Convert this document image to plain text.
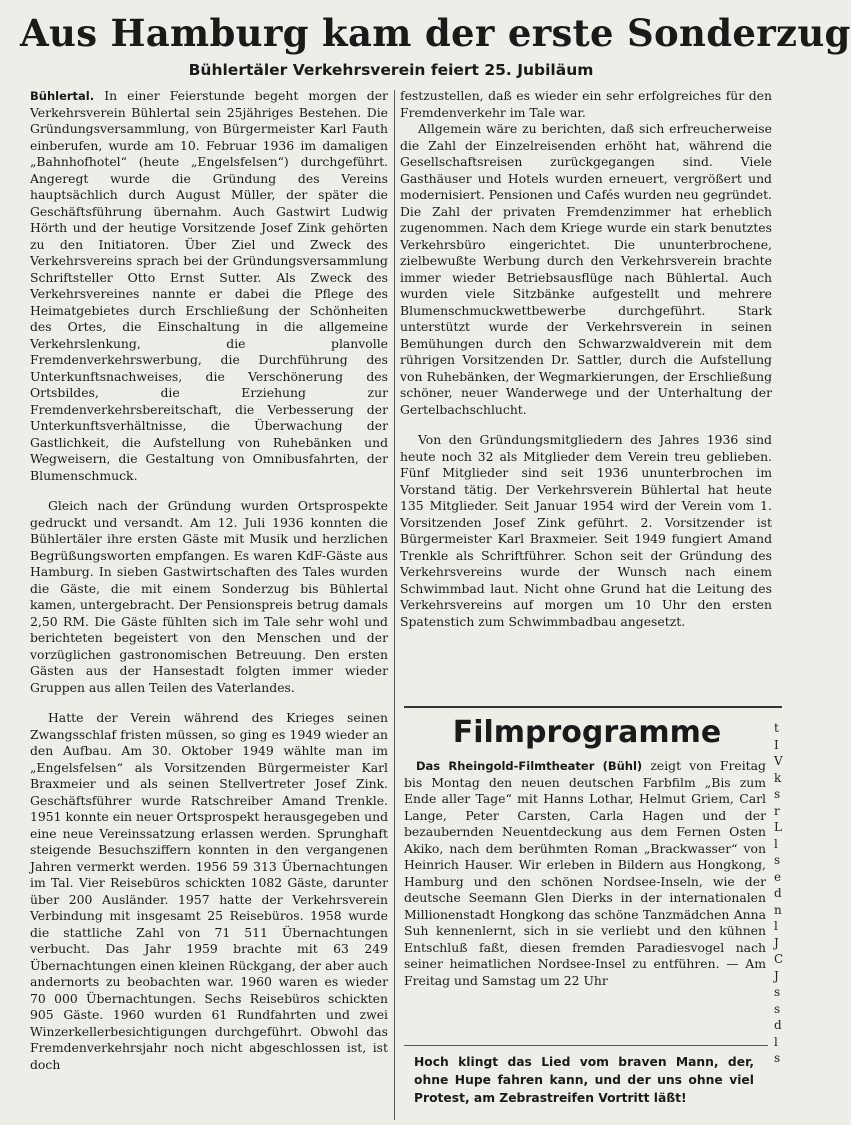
Aus Hamburg kam der erste Sonderzug
Bühlertäler Verkehrsverein feiert 25. Jubiläum

Bühlertal. In einer Feierstunde begeht morgen der Verkehrsverein Bühlertal sein 25jähriges Bestehen. Die Gründungsversammlung, von Bürgermeister Karl Fauth einberufen, wurde am 10. Februar 1936 im damaligen „Bahnhofhotel“ (heute „Engelsfelsen“) durchgeführt. Angeregt wurde die Gründung des Vereins hauptsächlich durch August Müller, der später die Geschäftsführung übernahm. Auch Gastwirt Ludwig Hörth und der heutige Vorsitzende Josef Zink gehörten zu den Initiatoren. Über Ziel und Zweck des Verkehrsvereins sprach bei der Gründungsversammlung Schriftsteller Otto Ernst Sutter. Als Zweck des Verkehrsvereines nannte er dabei die Pflege des Heimatgebietes durch Erschließung der Schönheiten des Ortes, die Einschaltung in die allgemeine Verkehrslenkung, die planvolle Fremdenverkehrswerbung, die Durchführung des Unterkunftsnachweises, die Verschönerung des Ortsbildes, die Erziehung zur Fremdenverkehrsbereitschaft, die Verbesserung der Unterkunftsverhältnisse, die Überwachung der Gastlichkeit, die Aufstellung von Ruhebänken und Wegweisern, die Gestaltung von Omnibusfahrten, der Blumenschmuck.

Gleich nach der Gründung wurden Ortsprospekte gedruckt und versandt. Am 12. Juli 1936 konnten die Bühlertäler ihre ersten Gäste mit Musik und herzlichen Begrüßungsworten empfangen. Es waren KdF-Gäste aus Hamburg. In sieben Gastwirtschaften des Tales wurden die Gäste, die mit einem Sonderzug bis Bühlertal kamen, untergebracht. Der Pensionspreis betrug damals 2,50 RM. Die Gäste fühlten sich im Tale sehr wohl und berichteten begeistert von den Menschen und der vorzüglichen gastronomischen Betreuung. Den ersten Gästen aus der Hansestadt folgten immer wieder Gruppen aus allen Teilen des Vaterlandes.

Hatte der Verein während des Krieges seinen Zwangsschlaf fristen müssen, so ging es 1949 wieder an den Aufbau. Am 30. Oktober 1949 wählte man im „Engelsfelsen“ als Vorsitzenden Bürgermeister Karl Braxmeier und als seinen Stellvertreter Josef Zink. Geschäftsführer wurde Ratschreiber Amand Trenkle. 1951 konnte ein neuer Ortsprospekt herausgegeben und eine neue Vereinssatzung erlassen werden. Sprunghaft steigende Besuchsziffern konnten in den vergangenen Jahren vermerkt werden. 1956 59 313 Übernachtungen im Tal. Vier Reisebüros schickten 1082 Gäste, darunter über 200 Ausländer. 1957 hatte der Verkehrsverein Verbindung mit insgesamt 25 Reisebüros. 1958 wurde die stattliche Zahl von 71 511 Übernachtungen verbucht. Das Jahr 1959 brachte mit 63 249 Übernachtungen einen kleinen Rückgang, der aber auch andernorts zu beobachten war. 1960 waren es wieder 70 000 Übernachtungen. Sechs Reisebüros schickten 905 Gäste. 1960 wurden 61 Rundfahrten und zwei Winzerkellerbesichtigungen durchgeführt. Obwohl das Fremdenverkehrsjahr noch nicht abgeschlossen ist, ist doch

festzustellen, daß es wieder ein sehr erfolgreiches für den Fremdenverkehr im Tale war.

Allgemein wäre zu berichten, daß sich erfreucherweise die Zahl der Einzelreisenden erhöht hat, während die Gesellschaftsreisen zurückgegangen sind. Viele Gasthäuser und Hotels wurden erneuert, vergrößert und modernisiert. Pensionen und Cafés wurden neu gegründet. Die Zahl der privaten Fremdenzimmer hat erheblich zugenommen. Nach dem Kriege wurde ein stark benutztes Verkehrsbüro eingerichtet. Die ununterbrochene, zielbewußte Werbung durch den Verkehrsverein brachte immer wieder Betriebsausflüge nach Bühlertal. Auch wurden viele Sitzbänke aufgestellt und mehrere Blumenschmuckwettbewerbe durchgeführt. Stark unterstützt wurde der Verkehrsverein in seinen Bemühungen durch den Schwarzwaldverein mit dem rührigen Vorsitzenden Dr. Sattler, durch die Aufstellung von Ruhebänken, der Wegmarkierungen, der Erschließung schöner, neuer Wanderwege und der Unterhaltung der Gertelbachschlucht.

Von den Gründungsmitgliedern des Jahres 1936 sind heute noch 32 als Mitglieder dem Verein treu geblieben. Fünf Mitglieder sind seit 1936 ununterbrochen im Vorstand tätig. Der Verkehrsverein Bühlertal hat heute 135 Mitglieder. Seit Januar 1954 wird der Verein vom 1. Vorsitzenden Josef Zink geführt. 2. Vorsitzender ist Bürgermeister Karl Braxmeier. Seit 1949 fungiert Amand Trenkle als Schriftführer. Schon seit der Gründung des Verkehrsvereins wurde der Wunsch nach einem Schwimmbad laut. Nicht ohne Grund hat die Leitung des Verkehrsvereins auf morgen um 10 Uhr den ersten Spatenstich zum Schwimmbadbau angesetzt.

Filmprogramme

Das Rheingold-Filmtheater (Bühl) zeigt von Freitag bis Montag den neuen deutschen Farbfilm „Bis zum Ende aller Tage“ mit Hanns Lothar, Helmut Griem, Carl Lange, Peter Carsten, Carla Hagen und der bezaubernden Neuentdeckung aus dem Fernen Osten Akiko, nach dem berühmten Roman „Brackwasser“ von Heinrich Hauser. Wir erleben in Bildern aus Hongkong, Hamburg und den schönen Nordsee-Inseln, wie der deutsche Seemann Glen Dierks in der internationalen Millionenstadt Hongkong das schöne Tanzmädchen Anna Suh kennenlernt, sich in sie verliebt und den kühnen Entschluß faßt, diesen fremden Paradiesvogel nach seiner heimatlichen Nordsee-Insel zu entführen. — Am Freitag und Samstag um 22 Uhr

Hoch klingt das Lied vom braven Mann, der, ohne Hupe fahren kann, und der uns ohne viel Protest, am Zebrastreifen Vortritt läßt!
t
I
V
k
s
r
L
l
s
e
d
n
l
J
C
J
s
s
d
l
s
